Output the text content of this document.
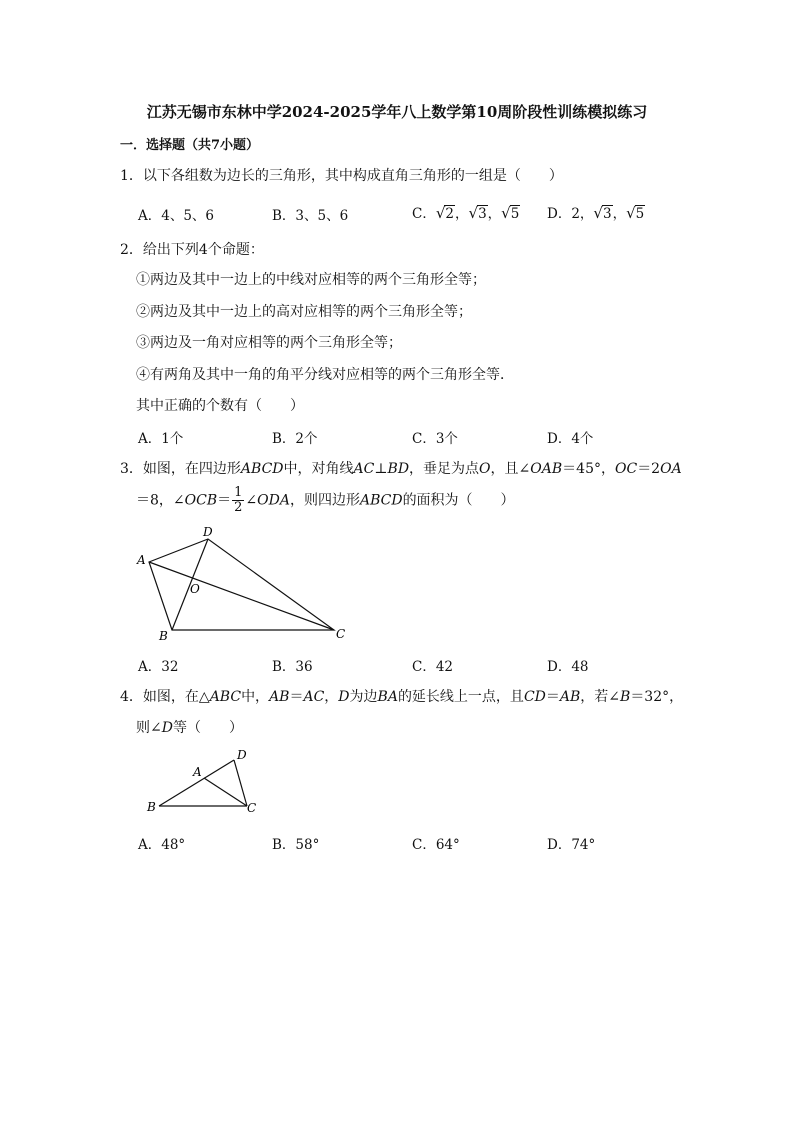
江苏无锡市东林中学2024-2025学年八上数学第10周阶段性训练模拟练习
一．选择题（共7小题）
1．以下各组数为边长的三角形，其中构成直角三角形的一组是（　　）
A．4、5、6	B．3、5、6	C．√2，√3，√5 D．2，√3，√5
2．给出下列4个命题：
①两边及其中一边上的中线对应相等的两个三角形全等；
②两边及其中一边上的高对应相等的两个三角形全等；
③两边及一角对应相等的两个三角形全等；
④有两角及其中一角的角平分线对应相等的两个三角形全等．
其中正确的个数有（　　）
A．1个	B．2个	C．3个	D．4个
3．如图，在四边形ABCD中，对角线AC⊥BD，垂足为点O，且∠OAB＝45°，OC＝2OA
＝8，∠OCB＝ $\frac{1}{2}$ ∠ODA，则四边形ABCD的面积为（　　）
A
D
O
B	C
A．32	B．36	C．42	D．48
4．如图，在△ABC中，AB＝AC，D为边BA的延长线上一点，且CD＝AB，若∠B＝32°，
则∠D等（　　）
A
D
B	C
A．48°	B．58°	C．64°	D．74°
